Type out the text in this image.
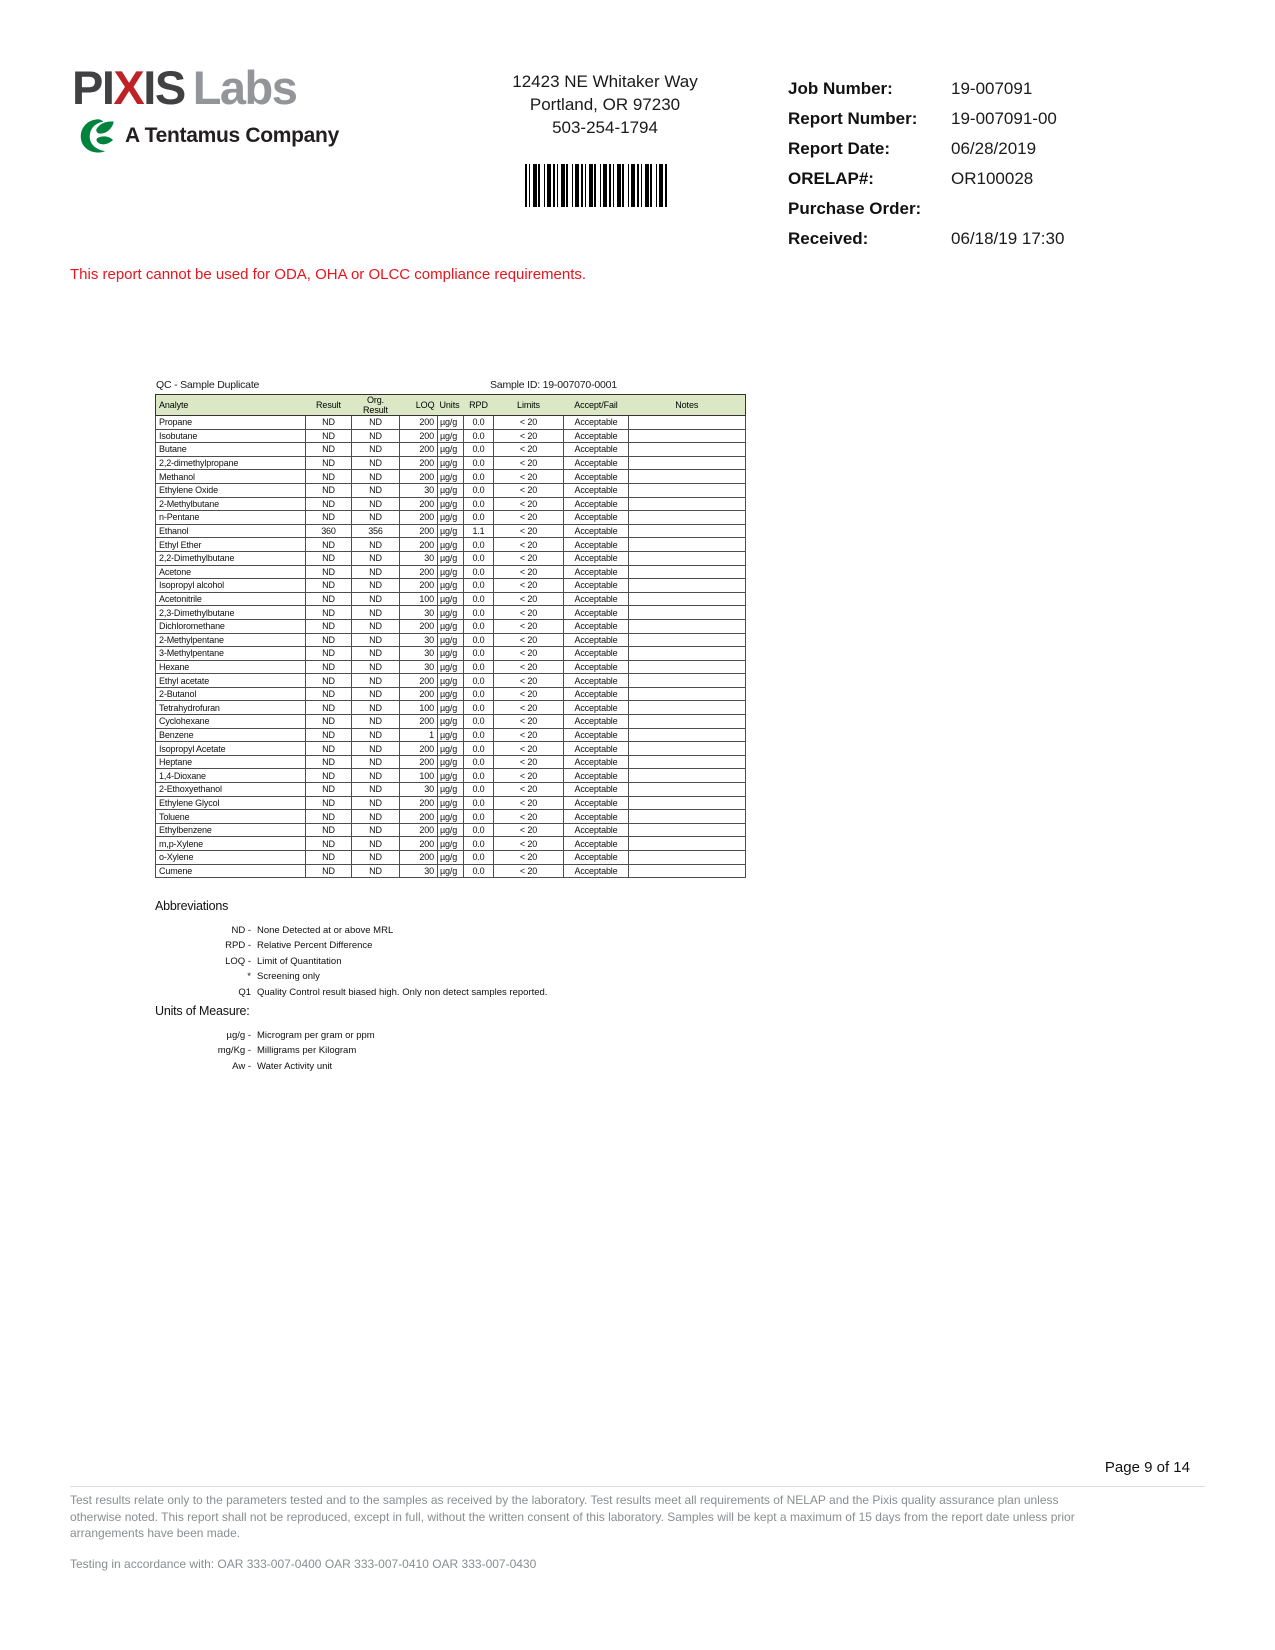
PIXIS Labs
A Tentamus Company
12423 NE Whitaker Way
Portland, OR 97230
503-254-1794
Job Number:	19-007091
Report Number:	19-007091-00
Report Date:	06/28/2019
ORELAP#:	OR100028
Purchase Order:
Received:	06/18/19 17:30
This report cannot be used for ODA, OHA or OLCC compliance requirements.
QC - Sample Duplicate	Sample ID: 19-007070-0001
Analyte	Result	Org. Result	LOQ	Units	RPD	Limits	Accept/Fail	Notes
Propane	ND	ND	200	µg/g	0.0	< 20	Acceptable	
Isobutane	ND	ND	200	µg/g	0.0	< 20	Acceptable	
Butane	ND	ND	200	µg/g	0.0	< 20	Acceptable	
2,2-dimethylpropane	ND	ND	200	µg/g	0.0	< 20	Acceptable	
Methanol	ND	ND	200	µg/g	0.0	< 20	Acceptable	
Ethylene Oxide	ND	ND	30	µg/g	0.0	< 20	Acceptable	
2-Methylbutane	ND	ND	200	µg/g	0.0	< 20	Acceptable	
n-Pentane	ND	ND	200	µg/g	0.0	< 20	Acceptable	
Ethanol	360	356	200	µg/g	1.1	< 20	Acceptable	
Ethyl Ether	ND	ND	200	µg/g	0.0	< 20	Acceptable	
2,2-Dimethylbutane	ND	ND	30	µg/g	0.0	< 20	Acceptable	
Acetone	ND	ND	200	µg/g	0.0	< 20	Acceptable	
Isopropyl alcohol	ND	ND	200	µg/g	0.0	< 20	Acceptable	
Acetonitrile	ND	ND	100	µg/g	0.0	< 20	Acceptable	
2,3-Dimethylbutane	ND	ND	30	µg/g	0.0	< 20	Acceptable	
Dichloromethane	ND	ND	200	µg/g	0.0	< 20	Acceptable	
2-Methylpentane	ND	ND	30	µg/g	0.0	< 20	Acceptable	
3-Methylpentane	ND	ND	30	µg/g	0.0	< 20	Acceptable	
Hexane	ND	ND	30	µg/g	0.0	< 20	Acceptable	
Ethyl acetate	ND	ND	200	µg/g	0.0	< 20	Acceptable	
2-Butanol	ND	ND	200	µg/g	0.0	< 20	Acceptable	
Tetrahydrofuran	ND	ND	100	µg/g	0.0	< 20	Acceptable	
Cyclohexane	ND	ND	200	µg/g	0.0	< 20	Acceptable	
Benzene	ND	ND	1	µg/g	0.0	< 20	Acceptable	
Isopropyl Acetate	ND	ND	200	µg/g	0.0	< 20	Acceptable	
Heptane	ND	ND	200	µg/g	0.0	< 20	Acceptable	
1,4-Dioxane	ND	ND	100	µg/g	0.0	< 20	Acceptable	
2-Ethoxyethanol	ND	ND	30	µg/g	0.0	< 20	Acceptable	
Ethylene Glycol	ND	ND	200	µg/g	0.0	< 20	Acceptable	
Toluene	ND	ND	200	µg/g	0.0	< 20	Acceptable	
Ethylbenzene	ND	ND	200	µg/g	0.0	< 20	Acceptable	
m,p-Xylene	ND	ND	200	µg/g	0.0	< 20	Acceptable	
o-Xylene	ND	ND	200	µg/g	0.0	< 20	Acceptable	
Cumene	ND	ND	30	µg/g	0.0	< 20	Acceptable	
Abbreviations
ND - None Detected at or above MRL
RPD - Relative Percent Difference
LOQ - Limit of Quantitation
* Screening only
Q1 Quality Control result biased high. Only non detect samples reported.
Units of Measure:
µg/g - Microgram per gram or ppm
mg/Kg - Milligrams per Kilogram
Aw - Water Activity unit
Page 9 of 14
Test results relate only to the parameters tested and to the samples as received by the laboratory. Test results meet all requirements of NELAP and the Pixis quality assurance plan unless otherwise noted. This report shall not be reproduced, except in full, without the written consent of this laboratory. Samples will be kept a maximum of 15 days from the report date unless prior arrangements have been made.
Testing in accordance with: OAR 333-007-0400 OAR 333-007-0410 OAR 333-007-0430
